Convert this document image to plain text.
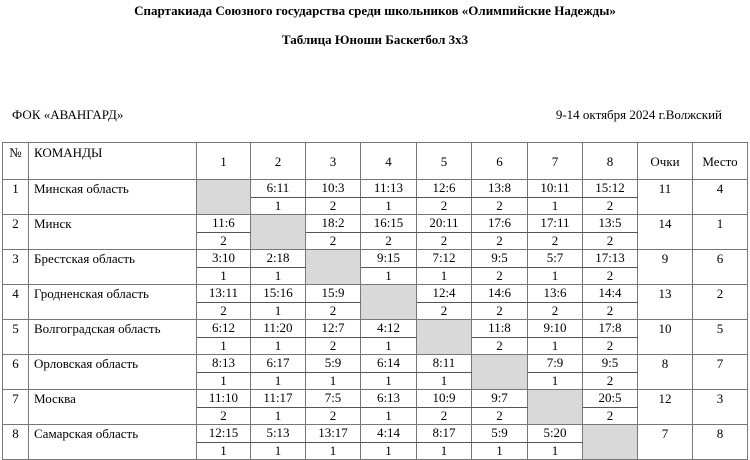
Спартакиада Союзного государства среди школьников «Олимпийские Надежды»
Таблица Юноши Баскетбол 3х3
ФОК «АВАНГАРД»	9-14 октября 2024 г.Волжский
№	КОМАНДЫ	1	2	3	4	5	6	7	8	Очки	Место
1	Минская область		6:11	10:3	11:13	12:6	13:8	10:11	15:12	11	4
			1	2	1	2	2	1	2		
2	Минск	11:6		18:2	16:15	20:11	17:6	17:11	13:5	14	1
		2		2	2	2	2	2	2		
3	Брестская область	3:10	2:18		9:15	7:12	9:5	5:7	17:13	9	6
		1	1		1	1	2	1	2		
4	Гродненская область	13:11	15:16	15:9		12:4	14:6	13:6	14:4	13	2
		2	1	2		2	2	2	2		
5	Волгоградская область	6:12	11:20	12:7	4:12		11:8	9:10	17:8	10	5
		1	1	2	1		2	1	2		
6	Орловская область	8:13	6:17	5:9	6:14	8:11		7:9	9:5	8	7
		1	1	1	1	1		1	2		
7	Москва	11:10	11:17	7:5	6:13	10:9	9:7		20:5	12	3
		2	1	2	1	2	2		2		
8	Самарская область	12:15	5:13	13:17	4:14	8:17	5:9	5:20		7	8
		1	1	1	1	1	1	1			
